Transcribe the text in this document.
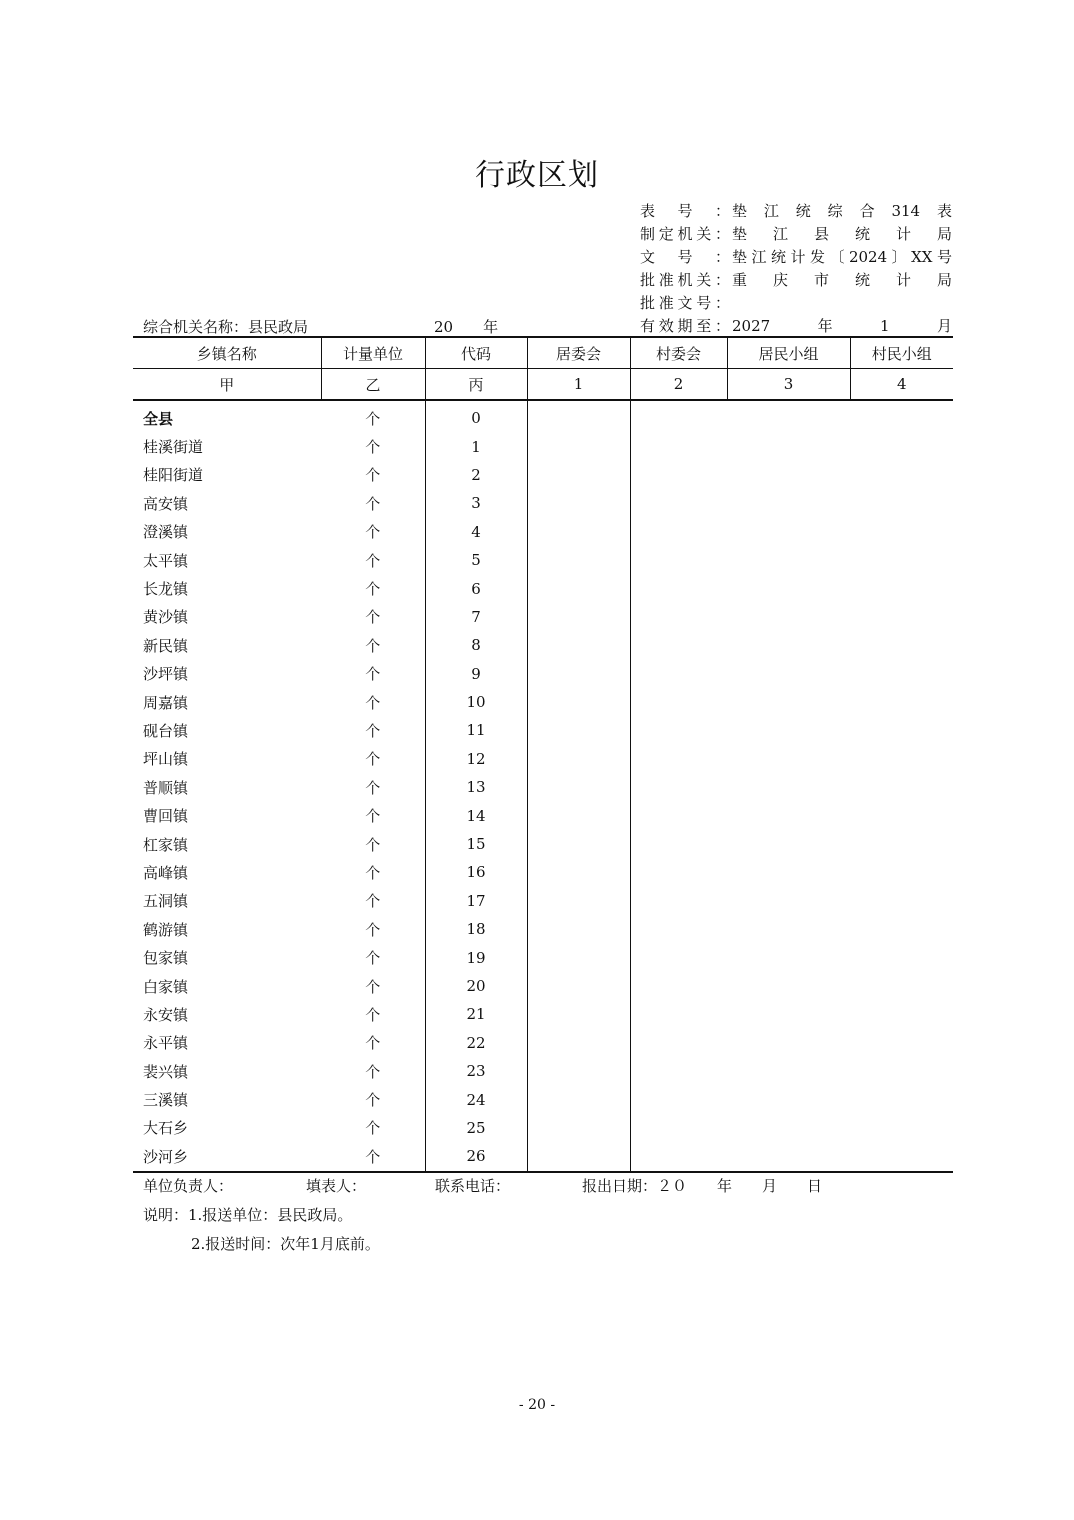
行政区划
表号： 垫江统综合314表
制定机关： 垫江县统计局
文号： 垫江统计发〔2024〕XX号
批准机关： 重庆市统计局
批准文号：
有效期至： 2027年1月
综合机关名称：县民政局	20　　年
乡镇名称	计量单位	代码	居委会	村委会	居民小组	村民小组
甲	乙	丙	1	2	3	4
全县	个	0				
桂溪街道	个	1				
桂阳街道	个	2				
高安镇	个	3				
澄溪镇	个	4				
太平镇	个	5				
长龙镇	个	6				
黄沙镇	个	7				
新民镇	个	8				
沙坪镇	个	9				
周嘉镇	个	10				
砚台镇	个	11				
坪山镇	个	12				
普顺镇	个	13				
曹回镇	个	14				
杠家镇	个	15				
高峰镇	个	16				
五洞镇	个	17				
鹤游镇	个	18				
包家镇	个	19				
白家镇	个	20				
永安镇	个	21				
永平镇	个	22				
裴兴镇	个	23				
三溪镇	个	24				
大石乡	个	25				
沙河乡	个	26				
单位负责人：	填表人：	联系电话：	报出日期：２０　　年　　月　　日
说明：1.报送单位：县民政局。
2.报送时间：次年1月底前。
- 20 -
